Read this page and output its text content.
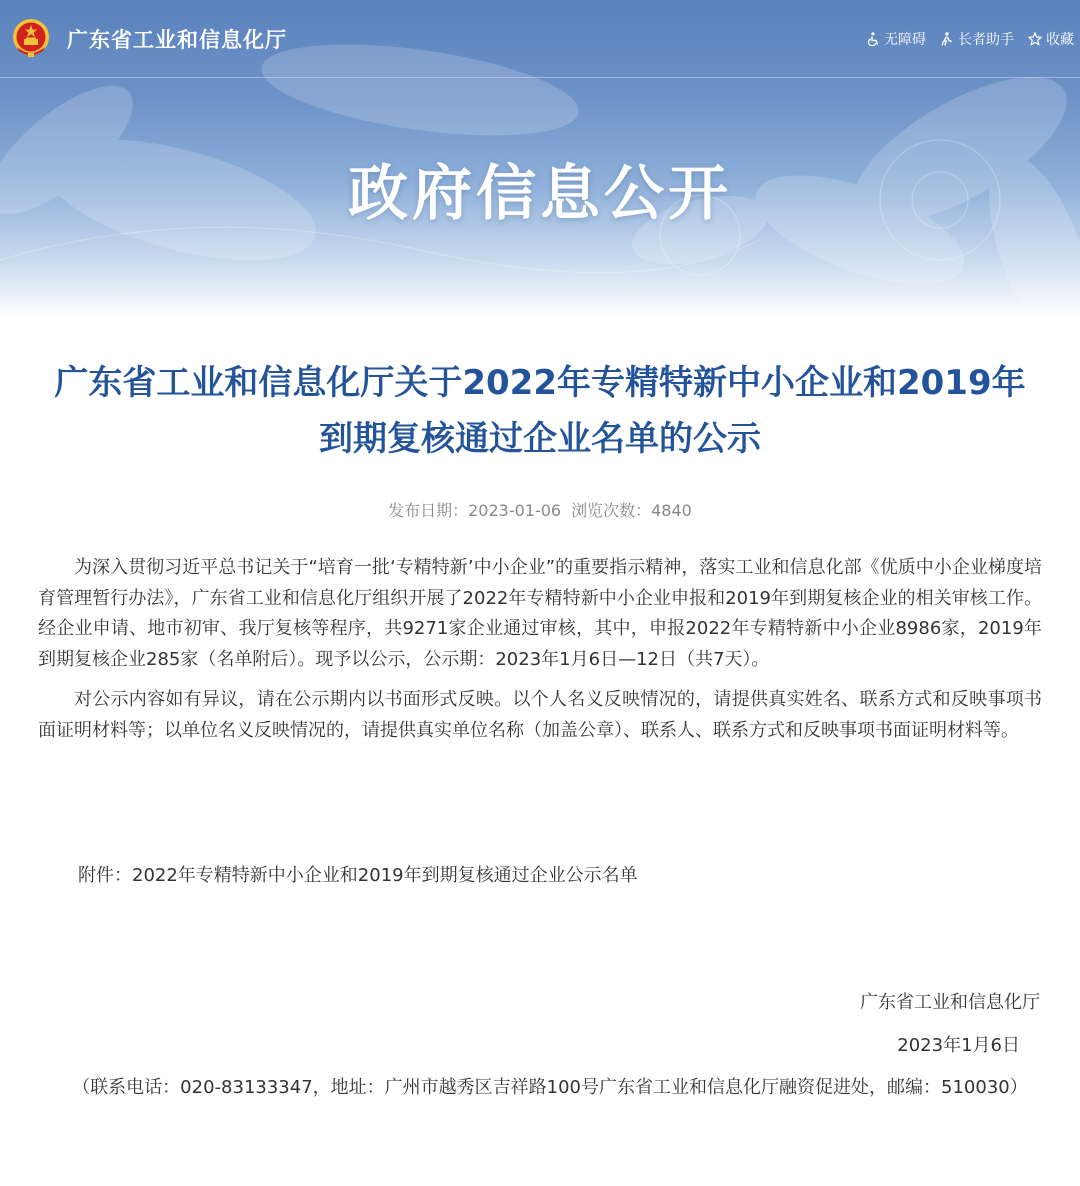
广东省工业和信息化厅	无障碍 长者助手 收藏
政府信息公开
广东省工业和信息化厅关于2022年专精特新中小企业和2019年到期复核通过企业名单的公示
发布日期：2023-01-06 浏览次数：4840

为深入贯彻习近平总书记关于“培育一批‘专精特新’中小企业”的重要指示精神，落实工业和信息化部《优质中小企业梯度培育管理暂行办法》，广东省工业和信息化厅组织开展了2022年专精特新中小企业申报和2019年到期复核企业的相关审核工作。经企业申请、地市初审、我厅复核等程序，共9271家企业通过审核，其中，申报2022年专精特新中小企业8986家，2019年到期复核企业285家（名单附后）。现予以公示，公示期：2023年1月6日—12日（共7天）。

对公示内容如有异议，请在公示期内以书面形式反映。以个人名义反映情况的，请提供真实姓名、联系方式和反映事项书面证明材料等；以单位名义反映情况的，请提供真实单位名称（加盖公章）、联系人、联系方式和反映事项书面证明材料等。

附件：2022年专精特新中小企业和2019年到期复核通过企业公示名单
广东省工业和信息化厅
2023年1月6日
（联系电话：020-83133347，地址：广州市越秀区吉祥路100号广东省工业和信息化厅融资促进处，邮编：510030）
